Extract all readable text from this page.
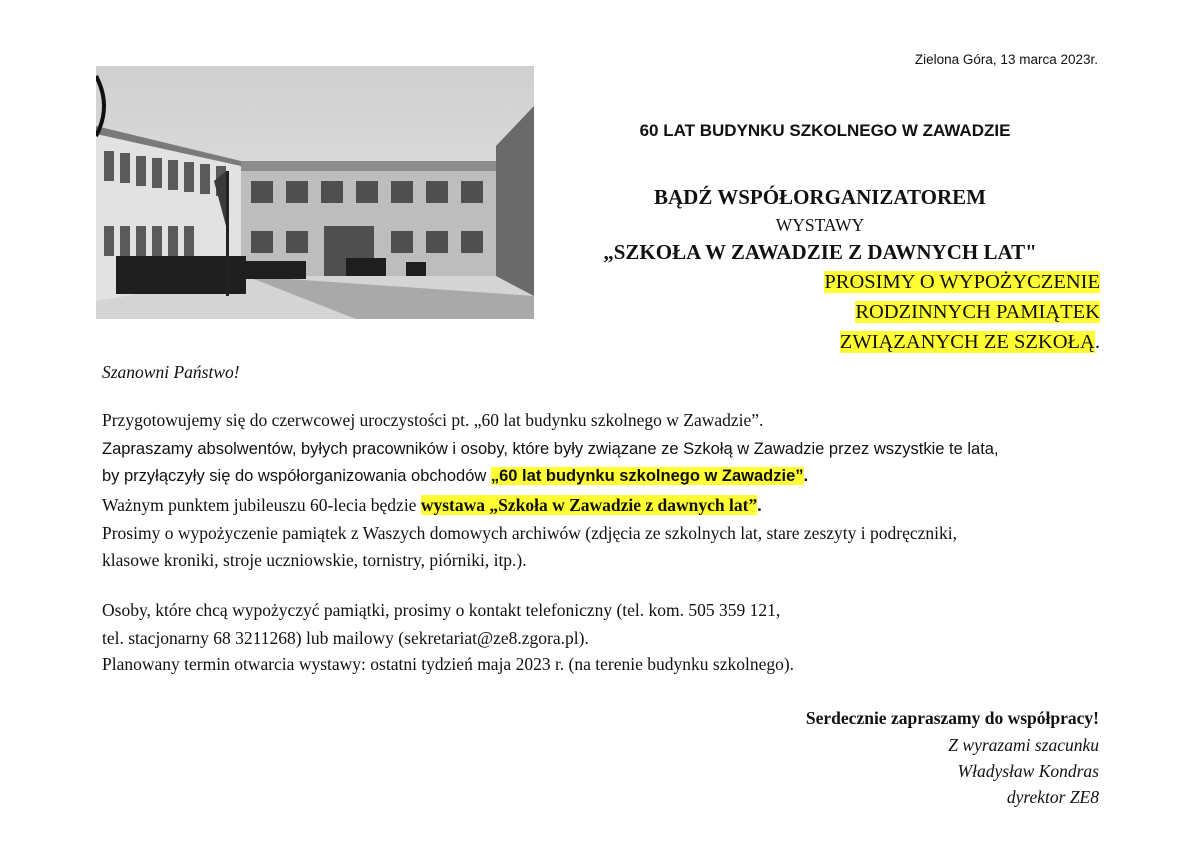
Zielona Góra, 13 marca 2023r.
60 LAT BUDYNKU SZKOLNEGO W ZAWADZIE
BĄDŹ WSPÓŁORGANIZATOREM
WYSTAWY
„SZKOŁA W ZAWADZIE Z DAWNYCH LAT"
PROSIMY O WYPOŻYCZENIE
RODZINNYCH PAMIĄTEK
ZWIĄZANYCH ZE SZKOŁĄ.
Szanowni Państwo!
Przygotowujemy się do czerwcowej uroczystości pt. „60 lat budynku szkolnego w Zawadzie”.
Zapraszamy absolwentów, byłych pracowników i osoby, które były związane ze Szkołą w Zawadzie przez wszystkie te lata,
by przyłączyły się do współorganizowania obchodów „60 lat budynku szkolnego w Zawadzie”.
Ważnym punktem jubileuszu 60-lecia będzie wystawa „Szkoła w Zawadzie z dawnych lat”.
Prosimy o wypożyczenie pamiątek z Waszych domowych archiwów (zdjęcia ze szkolnych lat, stare zeszyty i podręczniki,
klasowe kroniki, stroje uczniowskie, tornistry, piórniki, itp.).
Osoby, które chcą wypożyczyć pamiątki, prosimy o kontakt telefoniczny (tel. kom. 505 359 121,
tel. stacjonarny 68 3211268) lub mailowy (sekretariat@ze8.zgora.pl).
Planowany termin otwarcia wystawy: ostatni tydzień maja 2023 r. (na terenie budynku szkolnego).
Serdecznie zapraszamy do współpracy!
Z wyrazami szacunku
Władysław Kondras
dyrektor ZE8
